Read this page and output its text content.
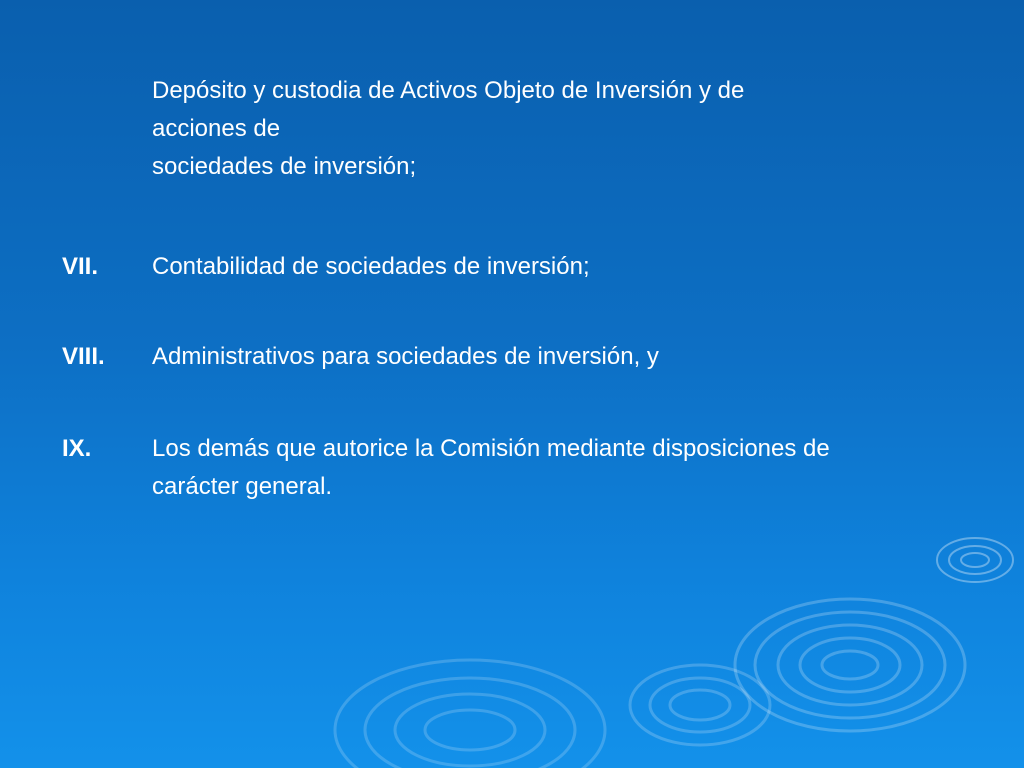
Depósito y custodia de Activos Objeto de Inversión y de

acciones de

sociedades de inversión;

VII. Contabilidad de sociedades de inversión;
VIII. Administrativos para sociedades de inversión, y
IX.	Los demás que autorice la Comisión mediante disposiciones de carácter general.
